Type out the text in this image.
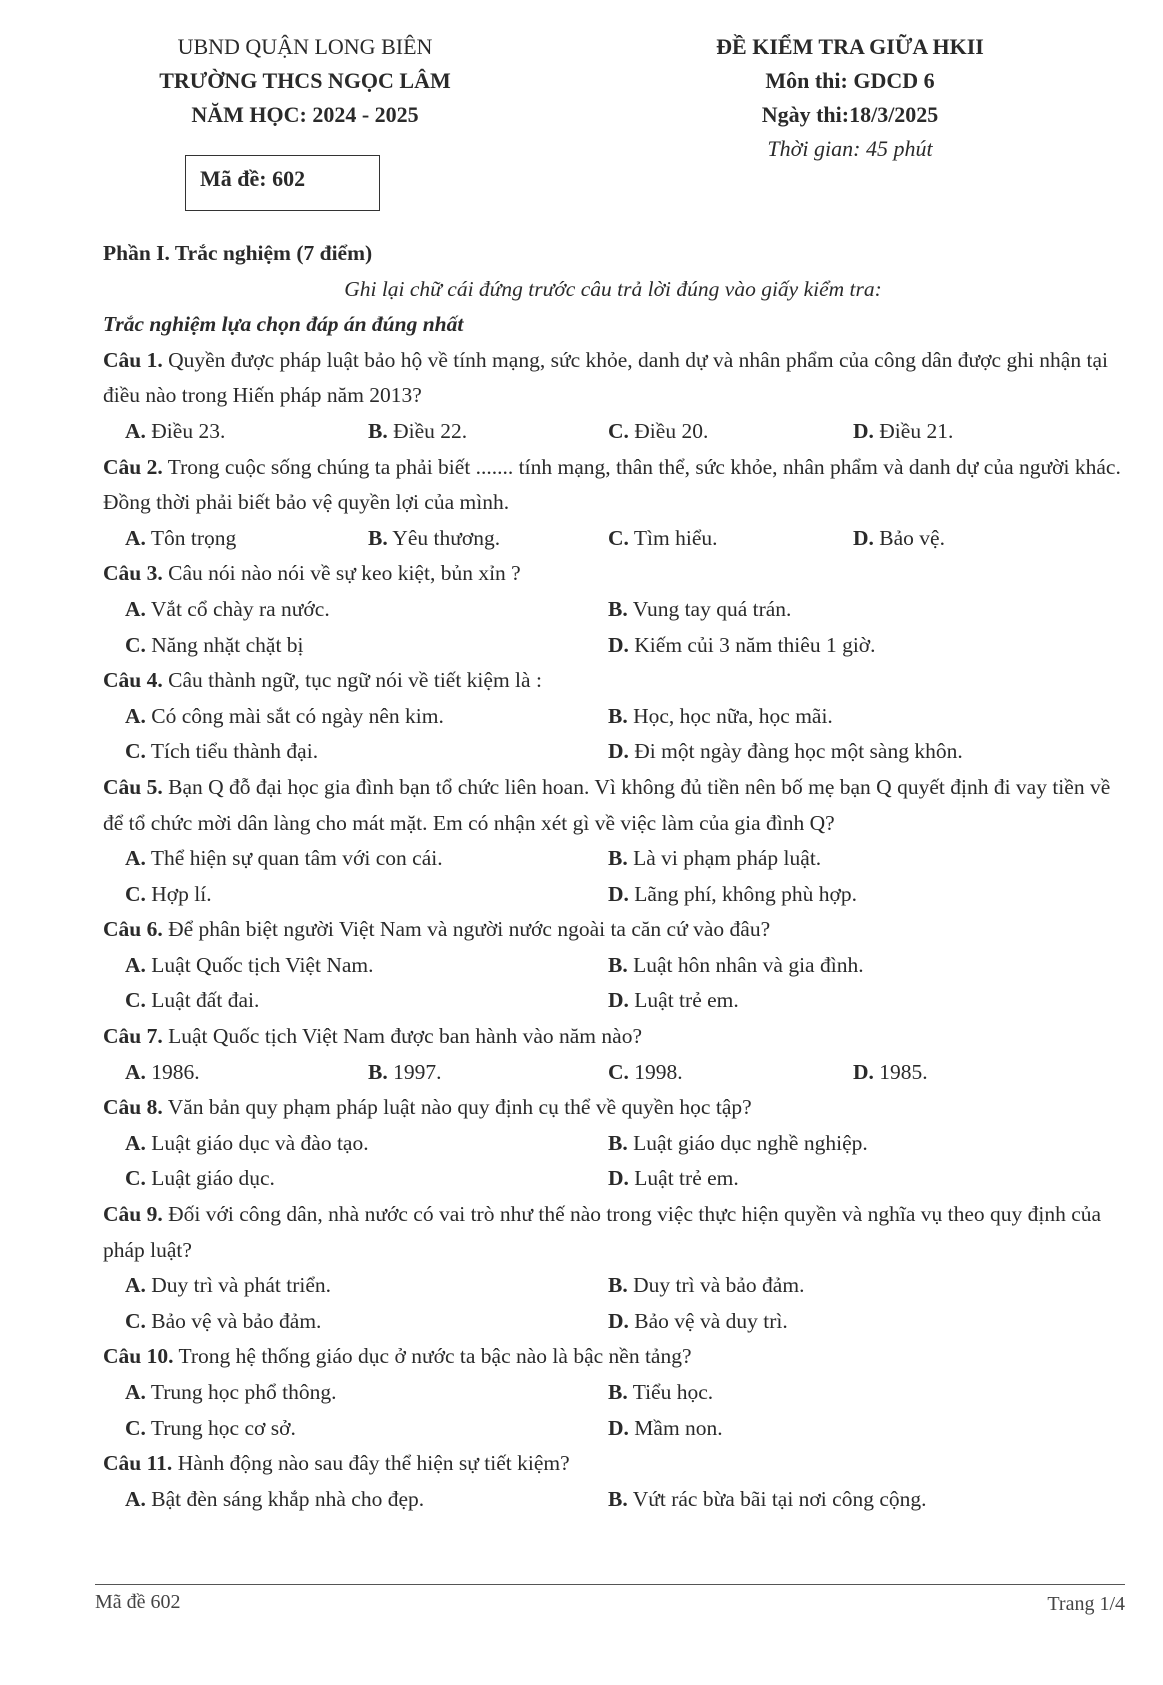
UBND QUẬN LONG BIÊN
TRƯỜNG THCS NGỌC LÂM
NĂM HỌC: 2024 - 2025
ĐỀ KIỂM TRA GIỮA HKII
Môn thi: GDCD 6
Ngày thi:18/3/2025
Thời gian: 45 phút
Mã đề: 602
Phần I. Trắc nghiệm (7 điểm)
Ghi lại chữ cái đứng trước câu trả lời đúng vào giấy kiểm tra:
Trắc nghiệm lựa chọn đáp án đúng nhất
Câu 1. Quyền được pháp luật bảo hộ về tính mạng, sức khỏe, danh dự và nhân phẩm của công dân được ghi nhận tại điều nào trong Hiến pháp năm 2013?
A. Điều 23.	B. Điều 22.	C. Điều 20.	D. Điều 21.
Câu 2. Trong cuộc sống chúng ta phải biết ....... tính mạng, thân thể, sức khỏe, nhân phẩm và danh dự của người khác. Đồng thời phải biết bảo vệ quyền lợi của mình.
A. Tôn trọng	B. Yêu thương.	C. Tìm hiểu.	D. Bảo vệ.
Câu 3. Câu nói nào nói về sự keo kiệt, bủn xỉn ?
A. Vắt cổ chày ra nước.	B. Vung tay quá trán.
C. Năng nhặt chặt bị	D. Kiếm củi 3 năm thiêu 1 giờ.
Câu 4. Câu thành ngữ, tục ngữ nói về tiết kiệm là :
A. Có công mài sắt có ngày nên kim.	B. Học, học nữa, học mãi.
C. Tích tiểu thành đại.	D. Đi một ngày đàng học một sàng khôn.
Câu 5. Bạn Q đỗ đại học gia đình bạn tổ chức liên hoan. Vì không đủ tiền nên bố mẹ bạn Q quyết định đi vay tiền về để tổ chức mời dân làng cho mát mặt. Em có nhận xét gì về việc làm của gia đình Q?
A. Thể hiện sự quan tâm với con cái.	B. Là vi phạm pháp luật.
C. Hợp lí.	D. Lãng phí, không phù hợp.
Câu 6. Để phân biệt người Việt Nam và người nước ngoài ta căn cứ vào đâu?
A. Luật Quốc tịch Việt Nam.	B. Luật hôn nhân và gia đình.
C. Luật đất đai.	D. Luật trẻ em.
Câu 7. Luật Quốc tịch Việt Nam được ban hành vào năm nào?
A. 1986.	B. 1997.	C. 1998.	D. 1985.
Câu 8. Văn bản quy phạm pháp luật nào quy định cụ thể về quyền học tập?
A. Luật giáo dục và đào tạo.	B. Luật giáo dục nghề nghiệp.
C. Luật giáo dục.	D. Luật trẻ em.
Câu 9. Đối với công dân, nhà nước có vai trò như thế nào trong việc thực hiện quyền và nghĩa vụ theo quy định của pháp luật?
A. Duy trì và phát triển.	B. Duy trì và bảo đảm.
C. Bảo vệ và bảo đảm.	D. Bảo vệ và duy trì.
Câu 10. Trong hệ thống giáo dục ở nước ta bậc nào là bậc nền tảng?
A. Trung học phổ thông.	B. Tiểu học.
C. Trung học cơ sở.	D. Mầm non.
Câu 11. Hành động nào sau đây thể hiện sự tiết kiệm?
A. Bật đèn sáng khắp nhà cho đẹp.	B. Vứt rác bừa bãi tại nơi công cộng.
Mã đề 602	Trang 1/4
